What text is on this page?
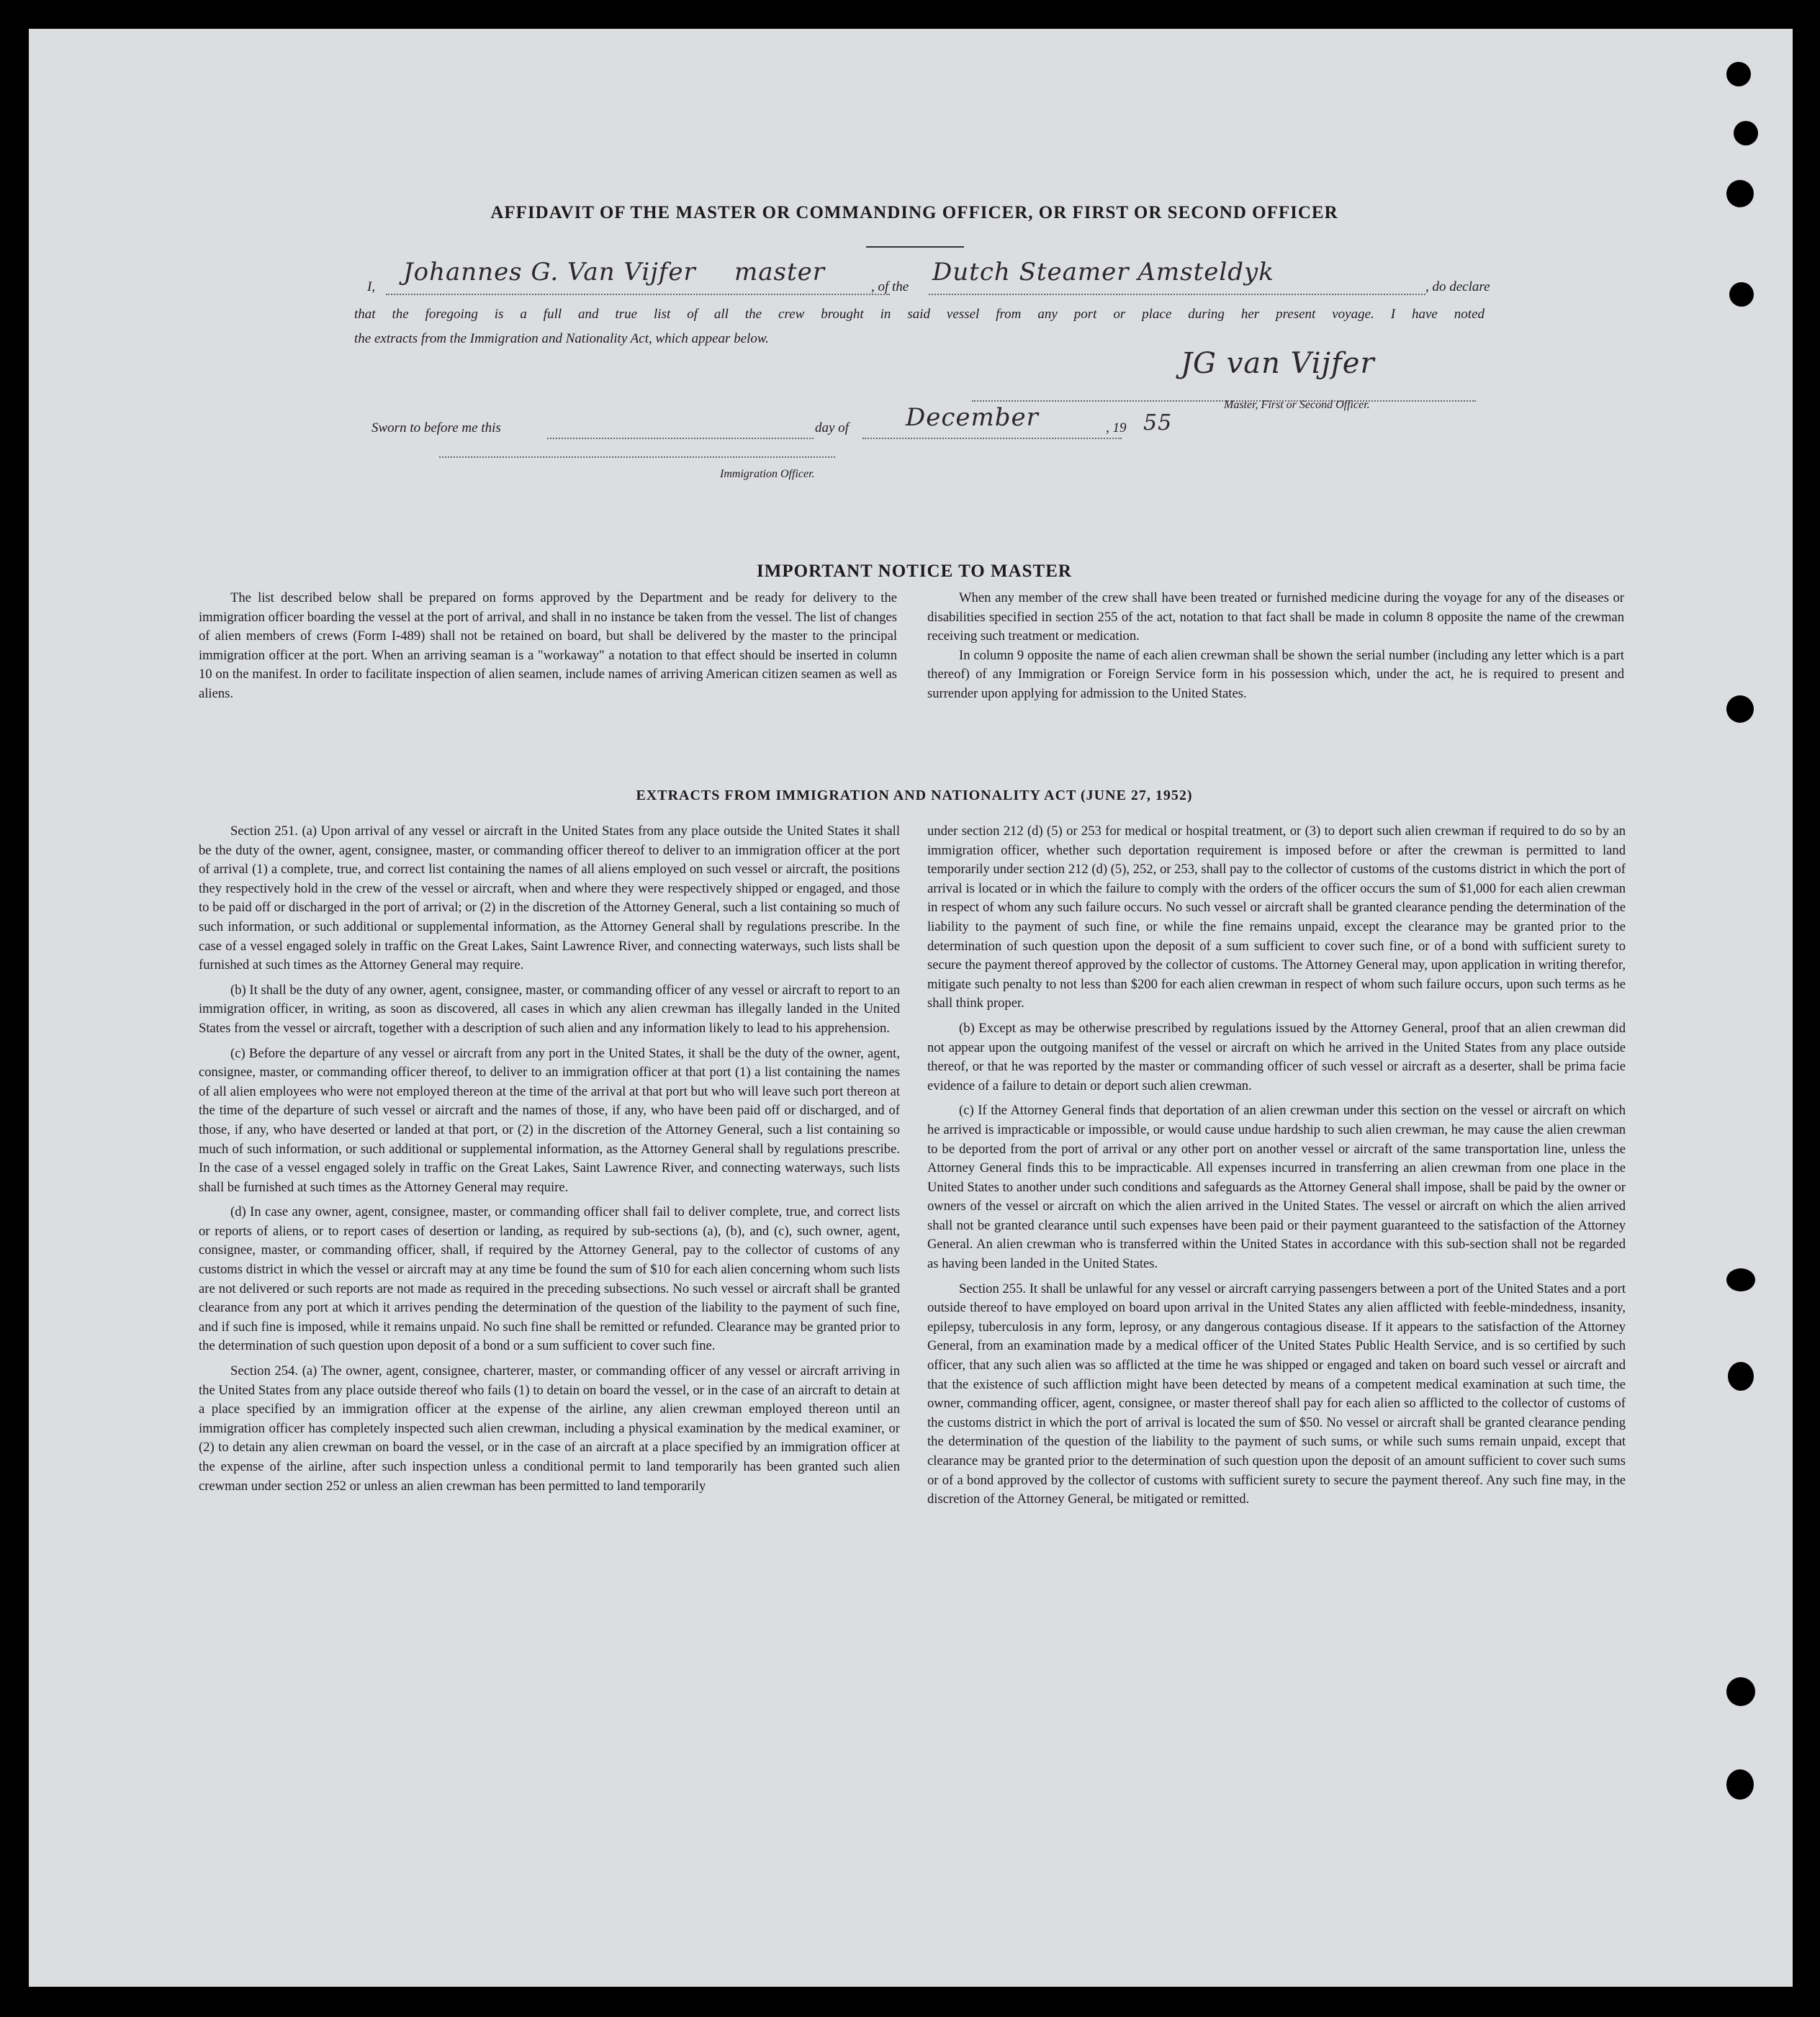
AFFIDAVIT OF THE MASTER OR COMMANDING OFFICER, OR FIRST OR SECOND OFFICER
I,
Johannes G. Van Vijfer master
, of the
Dutch Steamer Amsteldyk
, do declare
that the foregoing is a full and true list of all the crew brought in said vessel from any port or place during her present voyage. I have noted
the extracts from the Immigration and Nationality Act, which appear below.
JG van Vijfer
Master, First or Second Officer.
Sworn to before me this	day of December	, 19 55
Immigration Officer.
IMPORTANT NOTICE TO MASTER

The list described below shall be prepared on forms approved by the Department and be ready for delivery to the immigration officer boarding the vessel at the port of arrival, and shall in no instance be taken from the vessel. The list of changes of alien members of crews (Form I-489) shall not be retained on board, but shall be delivered by the master to the principal immigration officer at the port. When an arriving seaman is a "workaway" a notation to that effect should be inserted in column 10 on the manifest. In order to facilitate inspection of alien seamen, include names of arriving American citizen seamen as well as aliens.

When any member of the crew shall have been treated or furnished medicine during the voyage for any of the diseases or disabilities specified in section 255 of the act, notation to that fact shall be made in column 8 opposite the name of the crewman receiving such treatment or medication.

In column 9 opposite the name of each alien crewman shall be shown the serial number (including any letter which is a part thereof) of any Immigration or Foreign Service form in his possession which, under the act, he is required to present and surrender upon applying for admission to the United States.

EXTRACTS FROM IMMIGRATION AND NATIONALITY ACT (JUNE 27, 1952)

Section 251. (a) Upon arrival of any vessel or aircraft in the United States from any place outside the United States it shall be the duty of the owner, agent, consignee, master, or commanding officer thereof to deliver to an immigration officer at the port of arrival (1) a complete, true, and correct list containing the names of all aliens employed on such vessel or aircraft, the positions they respectively hold in the crew of the vessel or aircraft, when and where they were respectively shipped or engaged, and those to be paid off or discharged in the port of arrival; or (2) in the discretion of the Attorney General, such a list containing so much of such information, or such additional or supplemental information, as the Attorney General shall by regulations prescribe. In the case of a vessel engaged solely in traffic on the Great Lakes, Saint Lawrence River, and connecting waterways, such lists shall be furnished at such times as the Attorney General may require.

(b) It shall be the duty of any owner, agent, consignee, master, or commanding officer of any vessel or aircraft to report to an immigration officer, in writing, as soon as discovered, all cases in which any alien crewman has illegally landed in the United States from the vessel or aircraft, together with a description of such alien and any information likely to lead to his apprehension.

(c) Before the departure of any vessel or aircraft from any port in the United States, it shall be the duty of the owner, agent, consignee, master, or commanding officer thereof, to deliver to an immigration officer at that port (1) a list containing the names of all alien employees who were not employed thereon at the time of the arrival at that port but who will leave such port thereon at the time of the departure of such vessel or aircraft and the names of those, if any, who have been paid off or discharged, and of those, if any, who have deserted or landed at that port, or (2) in the discretion of the Attorney General, such a list containing so much of such information, or such additional or supplemental information, as the Attorney General shall by regulations prescribe. In the case of a vessel engaged solely in traffic on the Great Lakes, Saint Lawrence River, and connecting waterways, such lists shall be furnished at such times as the Attorney General may require.

(d) In case any owner, agent, consignee, master, or commanding officer shall fail to deliver complete, true, and correct lists or reports of aliens, or to report cases of desertion or landing, as required by sub-sections (a), (b), and (c), such owner, agent, consignee, master, or commanding officer, shall, if required by the Attorney General, pay to the collector of customs of any customs district in which the vessel or aircraft may at any time be found the sum of $10 for each alien concerning whom such lists are not delivered or such reports are not made as required in the preceding subsections. No such vessel or aircraft shall be granted clearance from any port at which it arrives pending the determination of the question of the liability to the payment of such fine, and if such fine is imposed, while it remains unpaid. No such fine shall be remitted or refunded. Clearance may be granted prior to the determination of such question upon deposit of a bond or a sum sufficient to cover such fine.

Section 254. (a) The owner, agent, consignee, charterer, master, or commanding officer of any vessel or aircraft arriving in the United States from any place outside thereof who fails (1) to detain on board the vessel, or in the case of an aircraft to detain at a place specified by an immigration officer at the expense of the airline, any alien crewman employed thereon until an immigration officer has completely inspected such alien crewman, including a physical examination by the medical examiner, or (2) to detain any alien crewman on board the vessel, or in the case of an aircraft at a place specified by an immigration officer at the expense of the airline, after such inspection unless a conditional permit to land temporarily has been granted such alien crewman under section 252 or unless an alien crewman has been permitted to land temporarily

under section 212 (d) (5) or 253 for medical or hospital treatment, or (3) to deport such alien crewman if required to do so by an immigration officer, whether such deportation requirement is imposed before or after the crewman is permitted to land temporarily under section 212 (d) (5), 252, or 253, shall pay to the collector of customs of the customs district in which the port of arrival is located or in which the failure to comply with the orders of the officer occurs the sum of $1,000 for each alien crewman in respect of whom any such failure occurs. No such vessel or aircraft shall be granted clearance pending the determination of the liability to the payment of such fine, or while the fine remains unpaid, except the clearance may be granted prior to the determination of such question upon the deposit of a sum sufficient to cover such fine, or of a bond with sufficient surety to secure the payment thereof approved by the collector of customs. The Attorney General may, upon application in writing therefor, mitigate such penalty to not less than $200 for each alien crewman in respect of whom such failure occurs, upon such terms as he shall think proper.

(b) Except as may be otherwise prescribed by regulations issued by the Attorney General, proof that an alien crewman did not appear upon the outgoing manifest of the vessel or aircraft on which he arrived in the United States from any place outside thereof, or that he was reported by the master or commanding officer of such vessel or aircraft as a deserter, shall be prima facie evidence of a failure to detain or deport such alien crewman.

(c) If the Attorney General finds that deportation of an alien crewman under this section on the vessel or aircraft on which he arrived is impracticable or impossible, or would cause undue hardship to such alien crewman, he may cause the alien crewman to be deported from the port of arrival or any other port on another vessel or aircraft of the same transportation line, unless the Attorney General finds this to be impracticable. All expenses incurred in transferring an alien crewman from one place in the United States to another under such conditions and safeguards as the Attorney General shall impose, shall be paid by the owner or owners of the vessel or aircraft on which the alien arrived in the United States. The vessel or aircraft on which the alien arrived shall not be granted clearance until such expenses have been paid or their payment guaranteed to the satisfaction of the Attorney General. An alien crewman who is transferred within the United States in accordance with this sub-section shall not be regarded as having been landed in the United States.

Section 255. It shall be unlawful for any vessel or aircraft carrying passengers between a port of the United States and a port outside thereof to have employed on board upon arrival in the United States any alien afflicted with feeble-mindedness, insanity, epilepsy, tuberculosis in any form, leprosy, or any dangerous contagious disease. If it appears to the satisfaction of the Attorney General, from an examination made by a medical officer of the United States Public Health Service, and is so certified by such officer, that any such alien was so afflicted at the time he was shipped or engaged and taken on board such vessel or aircraft and that the existence of such affliction might have been detected by means of a competent medical examination at such time, the owner, commanding officer, agent, consignee, or master thereof shall pay for each alien so afflicted to the collector of customs of the customs district in which the port of arrival is located the sum of $50. No vessel or aircraft shall be granted clearance pending the determination of the question of the liability to the payment of such sums, or while such sums remain unpaid, except that clearance may be granted prior to the determination of such question upon the deposit of an amount sufficient to cover such sums or of a bond approved by the collector of customs with sufficient surety to secure the payment thereof. Any such fine may, in the discretion of the Attorney General, be mitigated or remitted.
